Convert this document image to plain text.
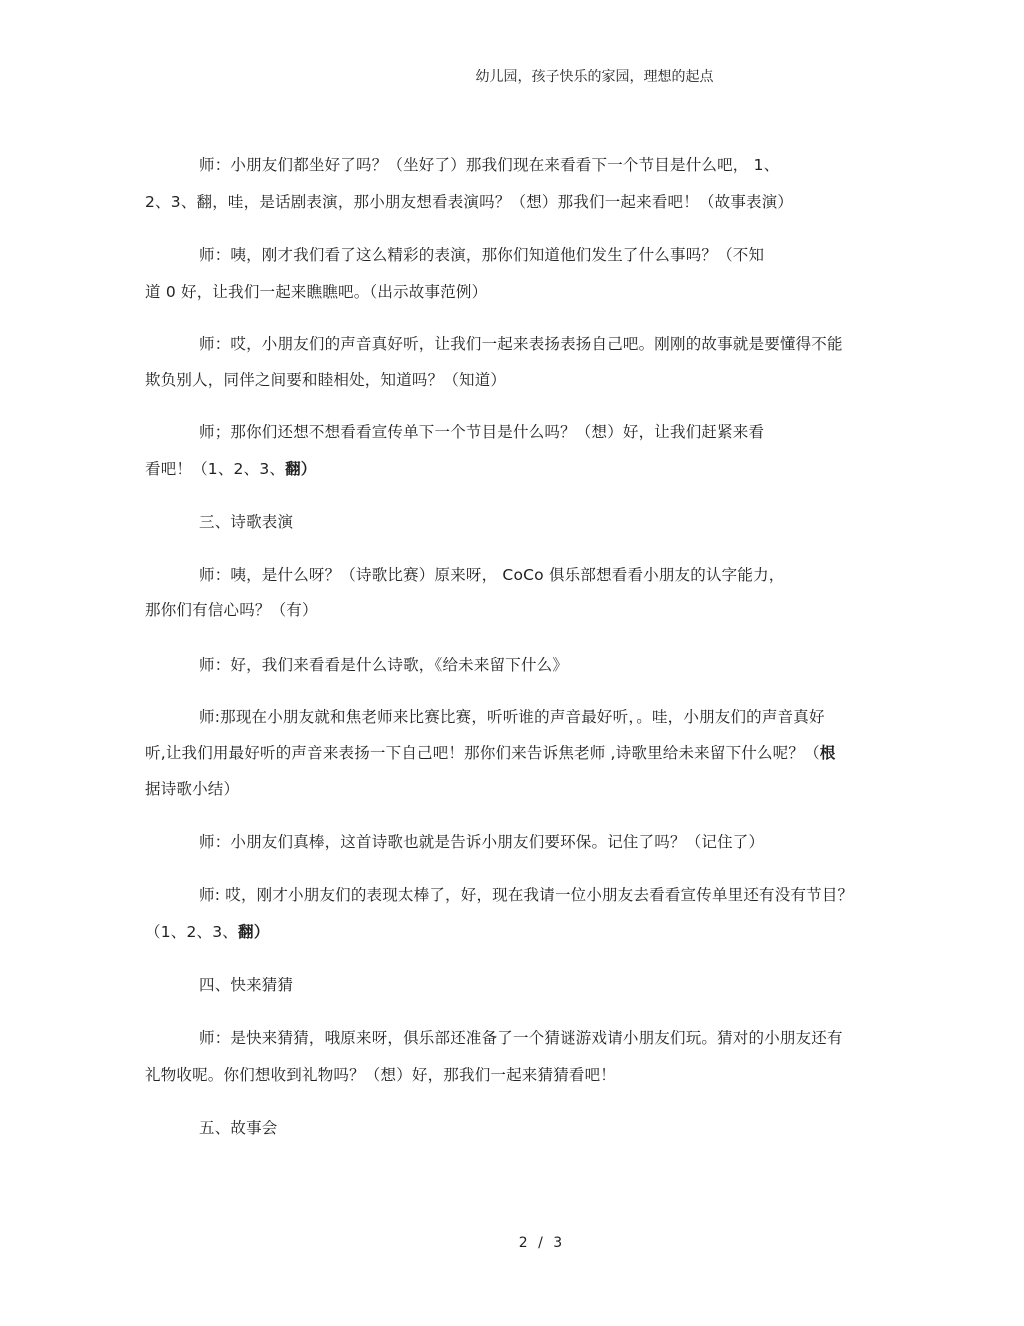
幼儿园，孩子快乐的家园，理想的起点
师：小朋友们都坐好了吗？（坐好了）那我们现在来看看下一个节目是什么吧， 1、
2、3、翻，哇，是话剧表演，那小朋友想看表演吗？（想）那我们一起来看吧！（故事表演）
师：咦，刚才我们看了这么精彩的表演，那你们知道他们发生了什么事吗？（不知
道 0 好，让我们一起来瞧瞧吧。（出示故事范例）
师：哎，小朋友们的声音真好听，让我们一起来表扬表扬自己吧。刚刚的故事就是要懂得不能
欺负别人，同伴之间要和睦相处，知道吗？（知道）
师；那你们还想不想看看宣传单下一个节目是什么吗？（想）好，让我们赶紧来看
看吧！（1、2、3、翻）
三、诗歌表演
师：咦，是什么呀？（诗歌比赛）原来呀， CoCo 俱乐部想看看小朋友的认字能力，
那你们有信心吗？（有）
师：好，我们来看看是什么诗歌，《给未来留下什么》
师:那现在小朋友就和焦老师来比赛比赛，听听谁的声音最好听，。哇，小朋友们的声音真好
听,让我们用最好听的声音来表扬一下自己吧！那你们来告诉焦老师 ,诗歌里给未来留下什么呢？（根
据诗歌小结）
师：小朋友们真棒，这首诗歌也就是告诉小朋友们要环保。记住了吗？（记住了）
师: 哎，刚才小朋友们的表现太棒了，好，现在我请一位小朋友去看看宣传单里还有没有节目？
（1、2、3、翻）
四、快来猜猜
师：是快来猜猜，哦原来呀，俱乐部还准备了一个猜谜游戏请小朋友们玩。猜对的小朋友还有
礼物收呢。你们想收到礼物吗？（想）好，那我们一起来猜猜看吧！
五、故事会
2 / 3
